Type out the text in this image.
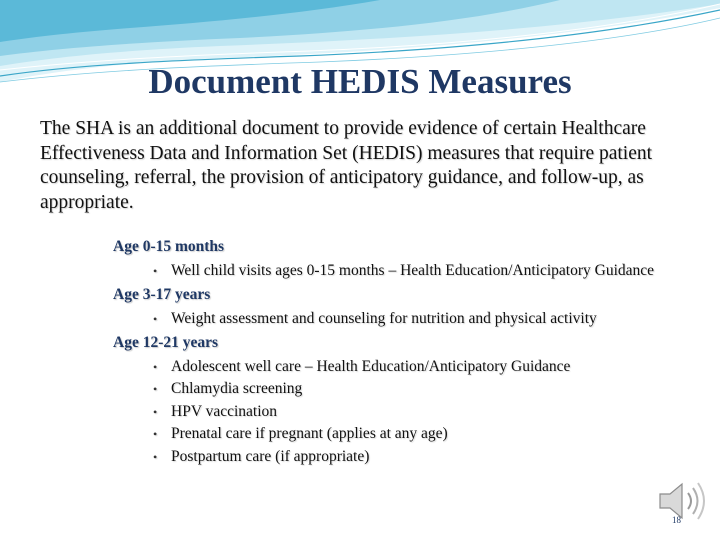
Document HEDIS Measures

The SHA is an additional document to provide evidence of certain Healthcare Effectiveness Data and Information Set (HEDIS) measures that require patient counseling, referral, the provision of anticipatory guidance, and follow-up, as appropriate.

Age 0-15 months

• Well child visits ages 0-15 months – Health Education/Anticipatory Guidance

Age 3-17 years

• Weight assessment and counseling for nutrition and physical activity

Age 12-21 years

• Adolescent well care – Health Education/Anticipatory Guidance
• Chlamydia screening
• HPV vaccination
• Prenatal care if pregnant (applies at any age)
• Postpartum care (if appropriate)
18
